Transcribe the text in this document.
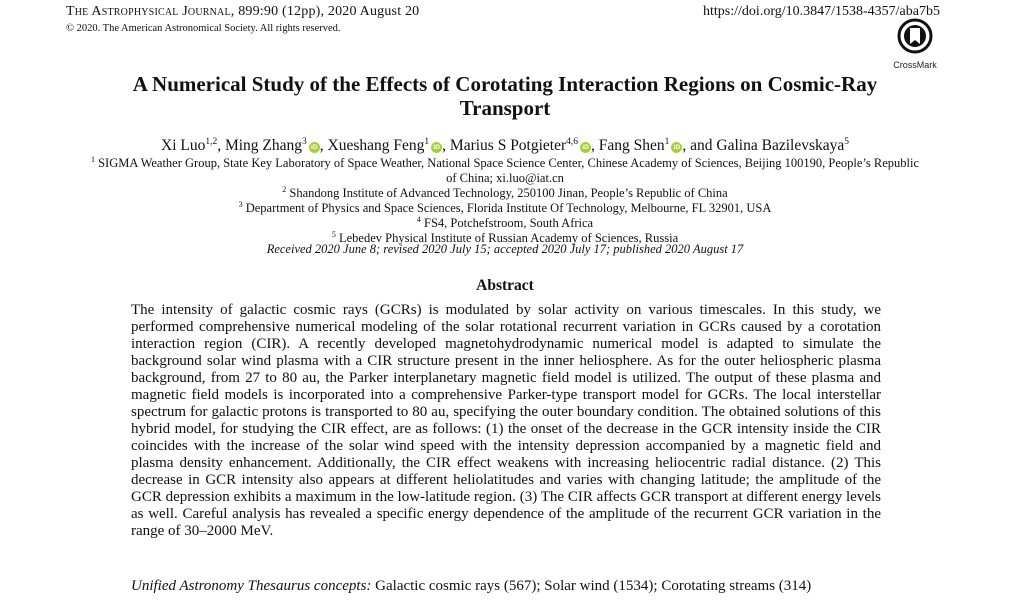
The Astrophysical Journal, 899:90 (12pp), 2020 August 20	https://doi.org/10.3847/1538-4357/aba7b5
© 2020. The American Astronomical Society. All rights reserved.
CrossMark
A Numerical Study of the Effects of Corotating Interaction Regions on Cosmic-Ray
Transport
Xi Luo$^{1,2}$, Ming Zhang$^3$iD , Xueshang Feng$^1$iD , Marius S Potgieter$^{4,6}$iD , Fang Shen$^1$iD , and Galina Bazilevskaya$^5$
$^1$ SIGMA Weather Group, State Key Laboratory of Space Weather, National Space Science Center, Chinese Academy of Sciences, Beijing 100190, People’s Republic
of China; xi.luo@iat.cn
$^2$ Shandong Institute of Advanced Technology, 250100 Jinan, People’s Republic of China
$^3$ Department of Physics and Space Sciences, Florida Institute Of Technology, Melbourne, FL 32901, USA
$^4$ FS4, Potchefstroom, South Africa
$^5$ Lebedev Physical Institute of Russian Academy of Sciences, Russia
Received 2020 June 8; revised 2020 July 15; accepted 2020 July 17; published 2020 August 17
Abstract
The intensity of galactic cosmic rays (GCRs) is modulated by solar activity on various timescales. In this study, we performed comprehensive numerical modeling of the solar rotational recurrent variation in GCRs caused by a corotation interaction region (CIR). A recently developed magnetohydrodynamic numerical model is adapted to simulate the background solar wind plasma with a CIR structure present in the inner heliosphere. As for the outer heliospheric plasma background, from 27 to 80 au, the Parker interplanetary magnetic field model is utilized. The output of these plasma and magnetic field models is incorporated into a comprehensive Parker-type transport model for GCRs. The local interstellar spectrum for galactic protons is transported to 80 au, specifying the outer boundary condition. The obtained solutions of this hybrid model, for studying the CIR effect, are as follows: (1) the onset of the decrease in the GCR intensity inside the CIR coincides with the increase of the solar wind speed with the intensity depression accompanied by a magnetic field and plasma density enhancement. Additionally, the CIR effect weakens with increasing heliocentric radial distance. (2) This decrease in GCR intensity also appears at different heliolatitudes and varies with changing latitude; the amplitude of the GCR depression exhibits a maximum in the low-latitude region. (3) The CIR affects GCR transport at different energy levels as well. Careful analysis has revealed a specific energy dependence of the amplitude of the recurrent GCR variation in the range of 30–2000 MeV.
Unified Astronomy Thesaurus concepts: Galactic cosmic rays (567); Solar wind (1534); Corotating streams (314)
